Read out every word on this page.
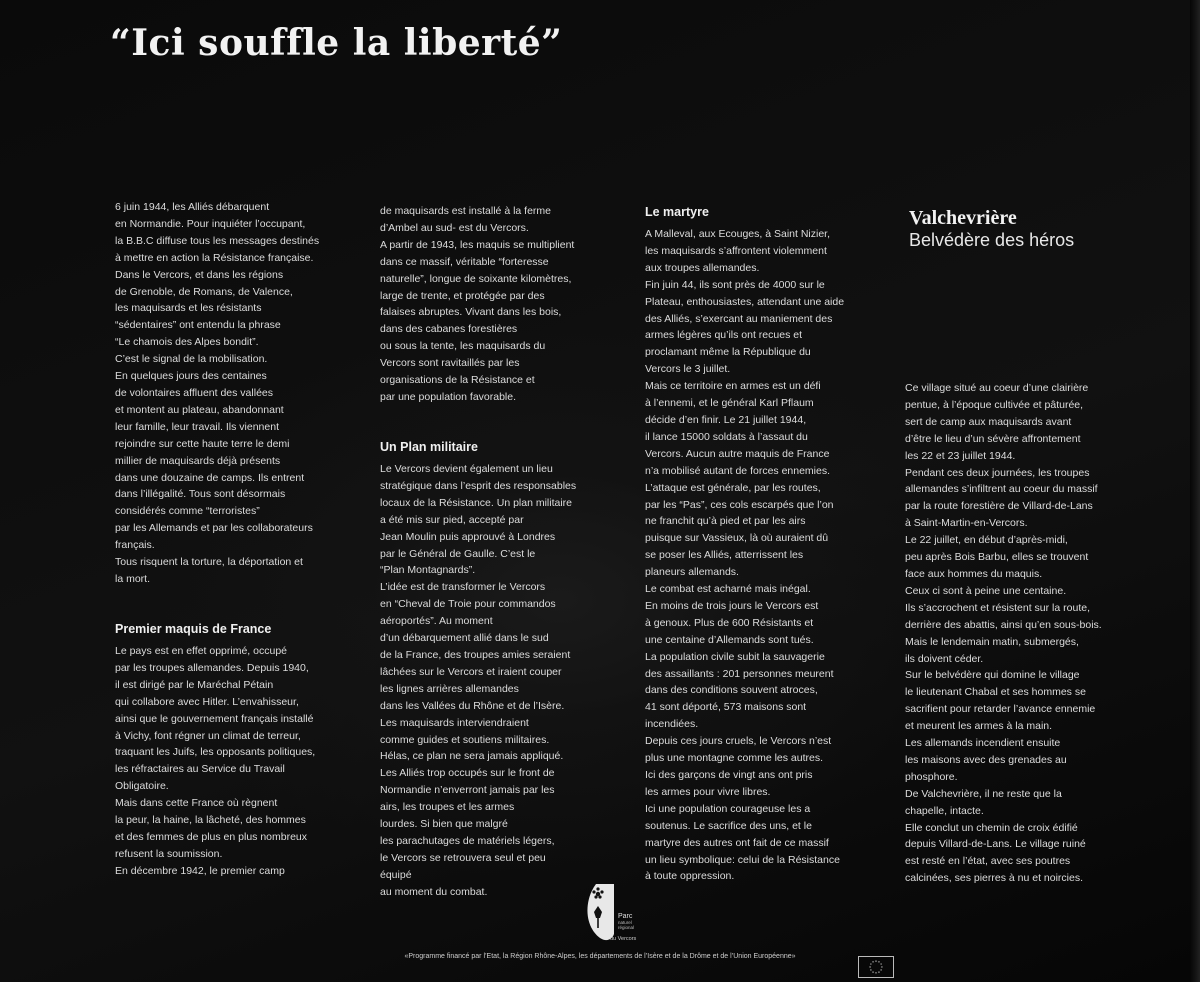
“Ici souffle la liberté”

6 juin 1944, les Alliés débarquent

en Normandie. Pour inquiéter l’occupant,

la B.B.C diffuse tous les messages destinés

à mettre en action la Résistance française.

Dans le Vercors, et dans les régions

de Grenoble, de Romans, de Valence,

les maquisards et les résistants

“sédentaires” ont entendu la phrase

“Le chamois des Alpes bondit”.

C’est le signal de la mobilisation.

En quelques jours des centaines

de volontaires affluent des vallées

et montent au plateau, abandonnant

leur famille, leur travail. Ils viennent

rejoindre sur cette haute terre le demi

millier de maquisards déjà présents

dans une douzaine de camps. Ils entrent

dans l’illégalité. Tous sont désormais

considérés comme “terroristes”

par les Allemands et par les collaborateurs

français.

Tous risquent la torture, la déportation et

la mort.

Premier maquis de France

Le pays est en effet opprimé, occupé

par les troupes allemandes. Depuis 1940,

il est dirigé par le Maréchal Pétain

qui collabore avec Hitler. L’envahisseur,

ainsi que le gouvernement français installé

à Vichy, font régner un climat de terreur,

traquant les Juifs, les opposants politiques,

les réfractaires au Service du Travail

Obligatoire.

Mais dans cette France où règnent

la peur, la haine, la lâcheté, des hommes

et des femmes de plus en plus nombreux

refusent la soumission.

En décembre 1942, le premier camp

de maquisards est installé à la ferme

d’Ambel au sud- est du Vercors.

A partir de 1943, les maquis se multiplient

dans ce massif, véritable “forteresse

naturelle”, longue de soixante kilomètres,

large de trente, et protégée par des

falaises abruptes. Vivant dans les bois,

dans des cabanes forestières

ou sous la tente, les maquisards du

Vercors sont ravitaillés par les

organisations de la Résistance et

par une population favorable.

Un Plan militaire

Le Vercors devient également un lieu

stratégique dans l’esprit des responsables

locaux de la Résistance. Un plan militaire

a été mis sur pied, accepté par

Jean Moulin puis approuvé à Londres

par le Général de Gaulle. C’est le

“Plan Montagnards”.

L’idée est de transformer le Vercors

en “Cheval de Troie pour commandos

aéroportés”. Au moment

d’un débarquement allié dans le sud

de la France, des troupes amies seraient

lâchées sur le Vercors et iraient couper

les lignes arrières allemandes

dans les Vallées du Rhône et de l’Isère.

Les maquisards interviendraient

comme guides et soutiens militaires.

Hélas, ce plan ne sera jamais appliqué.

Les Alliés trop occupés sur le front de

Normandie n’enverront jamais par les

airs, les troupes et les armes

lourdes. Si bien que malgré

les parachutages de matériels légers,

le Vercors se retrouvera seul et peu équipé

au moment du combat.

Le martyre

A Malleval, aux Ecouges, à Saint Nizier,

les maquisards s’affrontent violemment

aux troupes allemandes.

Fin juin 44, ils sont près de 4000 sur le

Plateau, enthousiastes, attendant une aide

des Alliés, s’exercant au maniement des

armes légères qu’ils ont recues et

proclamant même la République du

Vercors le 3 juillet.

Mais ce territoire en armes est un défi

à l’ennemi, et le général Karl Pflaum

décide d’en finir. Le 21 juillet 1944,

il lance 15000 soldats à l’assaut du

Vercors. Aucun autre maquis de France

n’a mobilisé autant de forces ennemies.

L’attaque est générale, par les routes,

par les “Pas”, ces cols escarpés que l’on

ne franchit qu’à pied et par les airs

puisque sur Vassieux, là où auraient dû

se poser les Alliés, atterrissent les

planeurs allemands.

Le combat est acharné mais inégal.

En moins de trois jours le Vercors est

à genoux. Plus de 600 Résistants et

une centaine d’Allemands sont tués.

La population civile subit la sauvagerie

des assaillants : 201 personnes meurent

dans des conditions souvent atroces,

41 sont déporté, 573 maisons sont

incendiées.

Depuis ces jours cruels, le Vercors n’est

plus une montagne comme les autres.

Ici des garçons de vingt ans ont pris

les armes pour vivre libres.

Ici une population courageuse les a

soutenus. Le sacrifice des uns, et le

martyre des autres ont fait de ce massif

un lieu symbolique: celui de la Résistance

à toute oppression.

Valchevrière
Belvédère des héros

Ce village situé au coeur d’une clairière

pentue, à l’époque cultivée et pâturée,

sert de camp aux maquisards avant

d’être le lieu d’un sévère affrontement

les 22 et 23 juillet 1944.

Pendant ces deux journées, les troupes

allemandes s’infiltrent au coeur du massif

par la route forestière de Villard-de-Lans

à Saint-Martin-en-Vercors.

Le 22 juillet, en début d’après-midi,

peu après Bois Barbu, elles se trouvent

face aux hommes du maquis.

Ceux ci sont à peine une centaine.

Ils s’accrochent et résistent sur la route,

derrière des abattis, ainsi qu’en sous-bois.

Mais le lendemain matin, submergés,

ils doivent céder.

Sur le belvédère qui domine le village

le lieutenant Chabal et ses hommes se

sacrifient pour retarder l’avance ennemie

et meurent les armes à la main.

Les allemands incendient ensuite

les maisons avec des grenades au

phosphore.

De Valchevrière, il ne reste que la

chapelle, intacte.

Elle conclut un chemin de croix édifié

depuis Villard-de-Lans. Le village ruiné

est resté en l’état, avec ses poutres

calcinées, ses pierres à nu et noircies.

Parc
naturel
régional
du Vercors
«Programme financé par l’Etat, la Région Rhône-Alpes, les départements de l’Isère et de la Drôme et de l’Union Européenne»
